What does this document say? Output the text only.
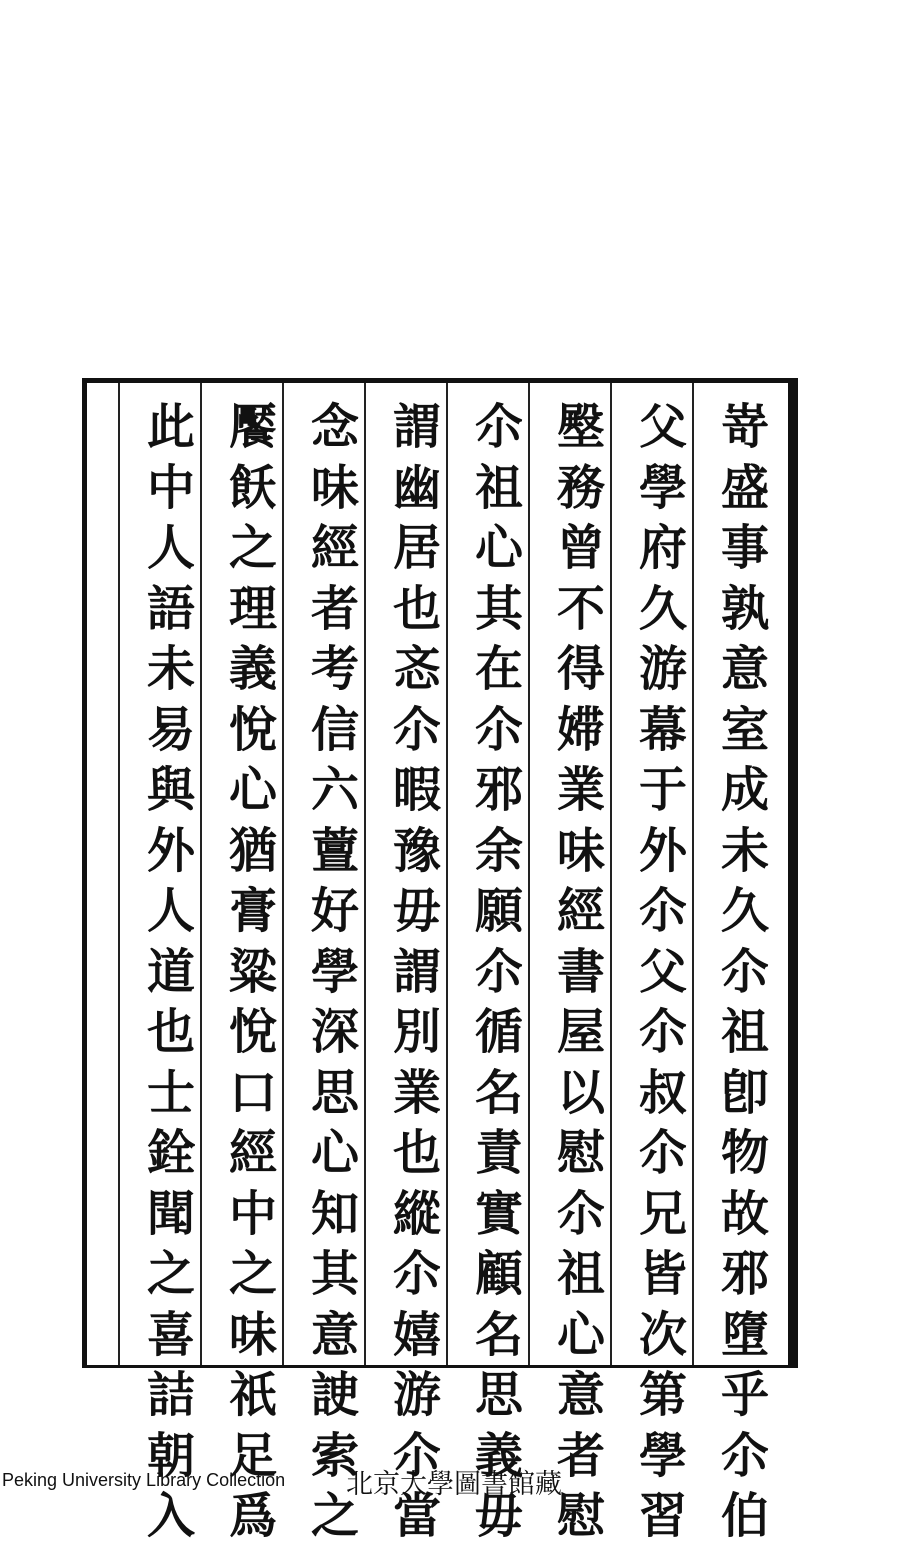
嵜
盛
事
孰
意
室
成
未
久
尒
祖
卽
物
故
邪
墮
乎
尒
伯
父
學
府
久
游
幕
于
外
尒
父
尒
叔
尒
兄
皆
次
第
學
習
壂
務
曾
不
得
㛿
業
味
經
書
屋
以
慰
尒
祖
心
意
者
慰
尒
祖
心
其
在
尒
邪
余
願
尒
循
名
責
實
顧
名
思
義
毋
謂
幽
居
也
忞
尒
暇
豫
毋
謂
別
業
也
縱
尒
嬉
游
尒
當
念
味
經
者
考
信
六
䕊
好
學
深
思
心
知
其
意
䛕
索
之
饜
飫
之
理
義
悅
心
猶
膏
粱
悅
口
經
中
之
味
祇
足
爲
此
中
人
語
未
易
與
外
人
道
也
士
銓
聞
之
喜
詰
朝
入
Peking University Library Collection 北京大學圖書館藏
